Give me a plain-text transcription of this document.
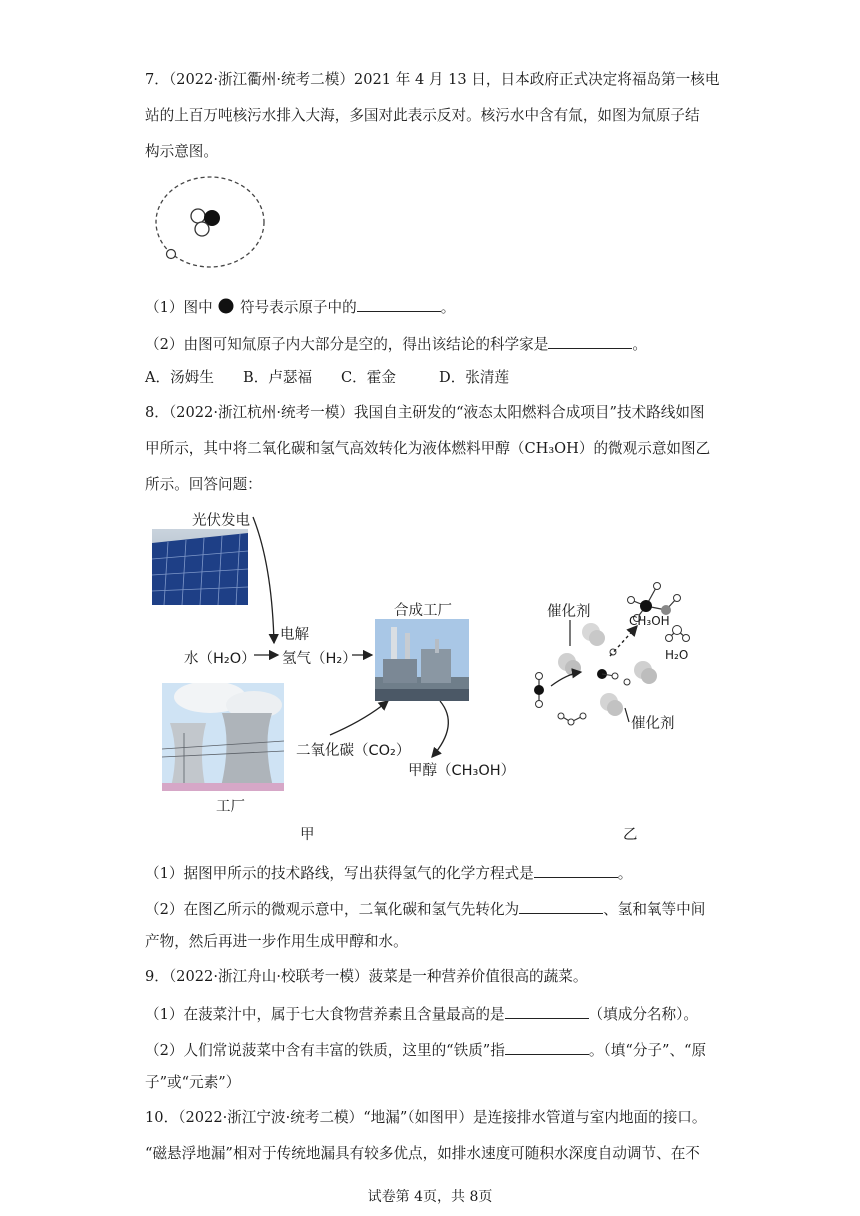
7．（2022·浙江衢州·统考二模）2021 年 4 月 13 日，日本政府正式决定将福岛第一核电
站的上百万吨核污水排入大海，多国对此表示反对。核污水中含有氚，如图为氚原子结
构示意图。
（1）图中 符号表示原子中的	。
（2）由图可知氚原子内大部分是空的，得出该结论的科学家是	。
A．汤姆生 B．卢瑟福 C．霍金	D．张清莲
8．（2022·浙江杭州·统考一模）我国自主研发的“液态太阳燃料合成项目”技术路线如图
甲所示，其中将二氧化碳和氢气高效转化为液体燃料甲醇（CH₃OH）的微观示意如图乙
所示。回答问题：
光伏发电
电解
水（H₂O） 氢气（H₂）
合成工厂
二氧化碳（CO₂）
甲醇（CH₃OH）
工厂
甲
催化剂
CH₃OH
H₂O
催化剂
乙
（1）据图甲所示的技术路线，写出获得氢气的化学方程式是	。
（2）在图乙所示的微观示意中，二氧化碳和氢气先转化为	、氢和氧等中间
产物，然后再进一步作用生成甲醇和水。
9．（2022·浙江舟山·校联考一模）菠菜是一种营养价值很高的蔬菜。
（1）在菠菜汁中，属于七大食物营养素且含量最高的是	（填成分名称）。
（2）人们常说菠菜中含有丰富的铁质，这里的“铁质”指	。（填“分子”、“原
子”或“元素”）
10．（2022·浙江宁波·统考二模）“地漏”（如图甲）是连接排水管道与室内地面的接口。
“磁悬浮地漏”相对于传统地漏具有较多优点，如排水速度可随积水深度自动调节、在不
试卷第 4页，共 8页
